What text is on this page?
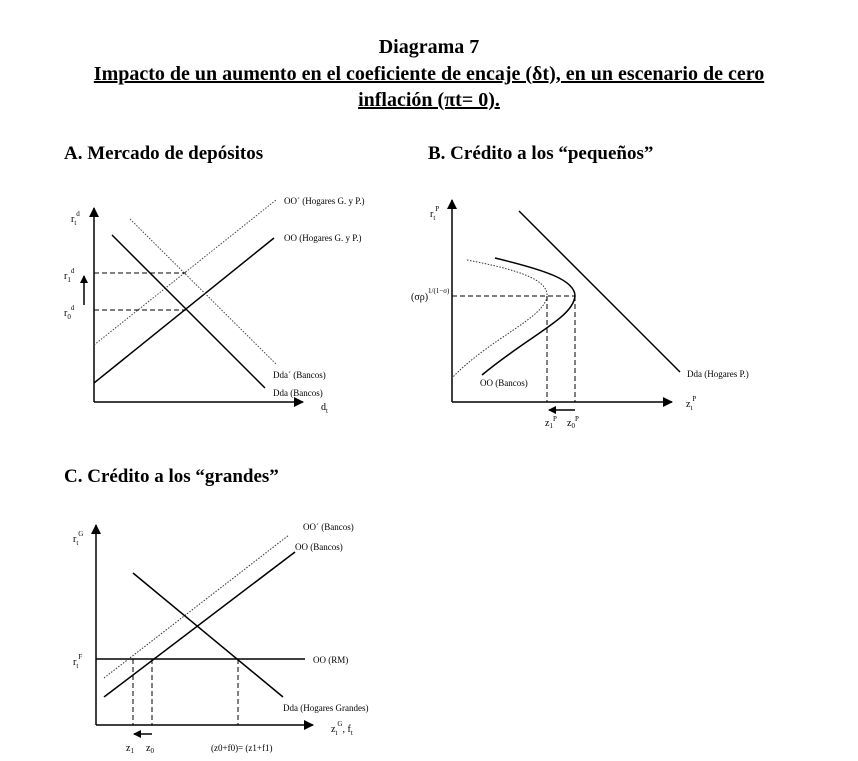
Diagrama 7
Impacto de un aumento en el coeficiente de encaje (δt), en un escenario de cero
inflación (πt= 0).
A. Mercado de depósitos	B. Crédito a los “pequeños”
C. Crédito a los “grandes”
$r_t^d$
$r_1^d$
$r_0^d$
$d_t$
OO´ (Hogares G. y P.)
OO (Hogares G. y P.)
Dda´ (Bancos)
Dda (Bancos)
$r_t^P$
$(\sigma\rho)^{1/(1-\sigma)}$
$z_t^P$
Dda (Hogares P.)
OO (Bancos)
$z_1^P$ $z_0^P$
$r_t^G$
$r_t^F$
OO´ (Bancos)
OO (Bancos)
OO (RM)
Dda (Hogares Grandes)
$z_t^G$, $f_t$
$z_1$ $z_0$	(z0+f0)= (z1+f1)
